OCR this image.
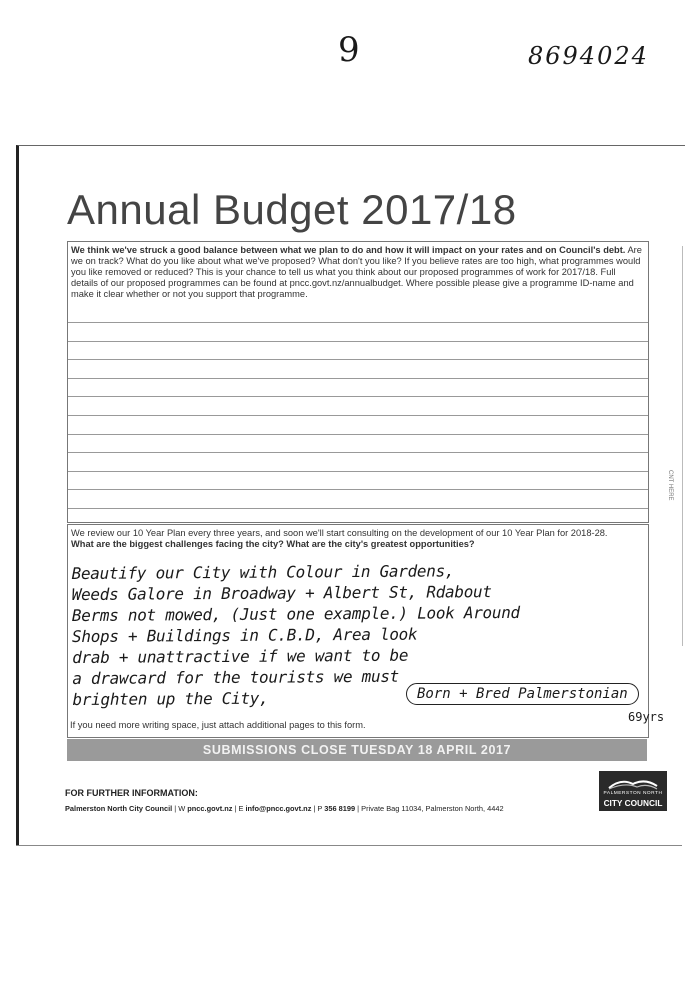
9	8694024
Annual Budget 2017/18
We think we've struck a good balance between what we plan to do and how it will impact on your rates and on Council's debt. Are we on track? What do you like about what we've proposed? What don't you like? If you believe rates are too high, what programmes would you like removed or reduced? This is your chance to tell us what you think about our proposed programmes of work for 2017/18. Full details of our proposed programmes can be found at pncc.govt.nz/annualbudget. Where possible please give a programme ID-name and make it clear whether or not you support that programme.
We review our 10 Year Plan every three years, and soon we'll start consulting on the development of our 10 Year Plan for 2018-28.
What are the biggest challenges facing the city? What are the city's greatest opportunities?
Beautify our City with Colour in Gardens,
Weeds Galore in Broadway + Albert St, Rdabout
Berms not mowed, (Just one example.) Look Around
Shops + Buildings in C.B.D, Area look
drab + unattractive if we want to be
a drawcard for the tourists we must
brighten up the City,	Born + Bred Palmerstonian
69yrs
If you need more writing space, just attach additional pages to this form.
SUBMISSIONS CLOSE TUESDAY 18 APRIL 2017
FOR FURTHER INFORMATION:
Palmerston North City Council | W pncc.govt.nz | E info@pncc.govt.nz | P 356 8199 | Private Bag 11034, Palmerston North, 4442
PALMERSTON NORTH
CITY COUNCIL
CNT HERE
